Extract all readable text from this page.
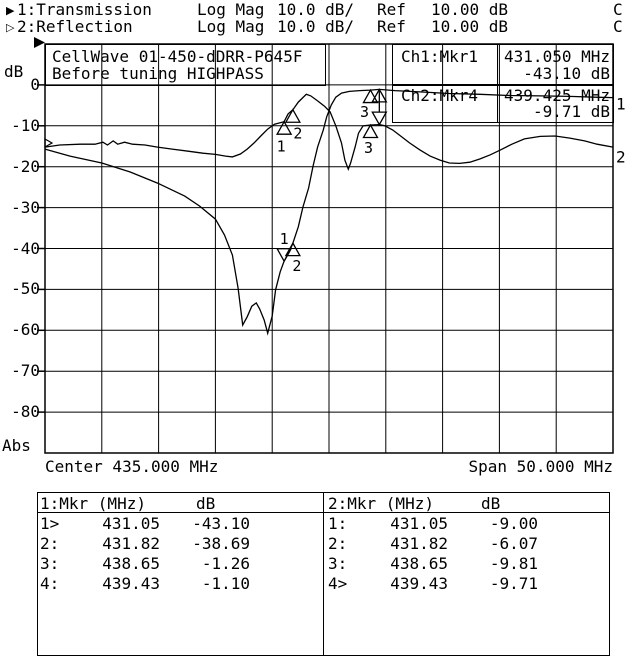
1
2
1
2
3
1
2
3
▶ 1:Transmission	Log Mag 10.0 dB/ Ref 10.00 dB	C
▷ 2:Reflection	Log Mag 10.0 dB/ Ref 10.00 dB	C
dB
0
-10
-20
-30
-40
-50
-60
-70
-80
Abs
CellWave 01-450-dDRR-P645F
Before tuning HIGHPASS
Ch1:Mkr1 431.050 MHz
-43.10 dB
Ch2:Mkr4 439.425 MHz
-9.71 dB
Center 435.000 MHz	Span 50.000 MHz
1:Mkr (MHz)	dB	2:Mkr (MHz)	dB
1>	431.05	-43.10
2:	431.82	-38.69
3:	438.65	-1.26
4:	439.43	-1.10
1:	431.05	-9.00
2:	431.82	-6.07
3:	438.65	-9.81
4>	439.43	-9.71
